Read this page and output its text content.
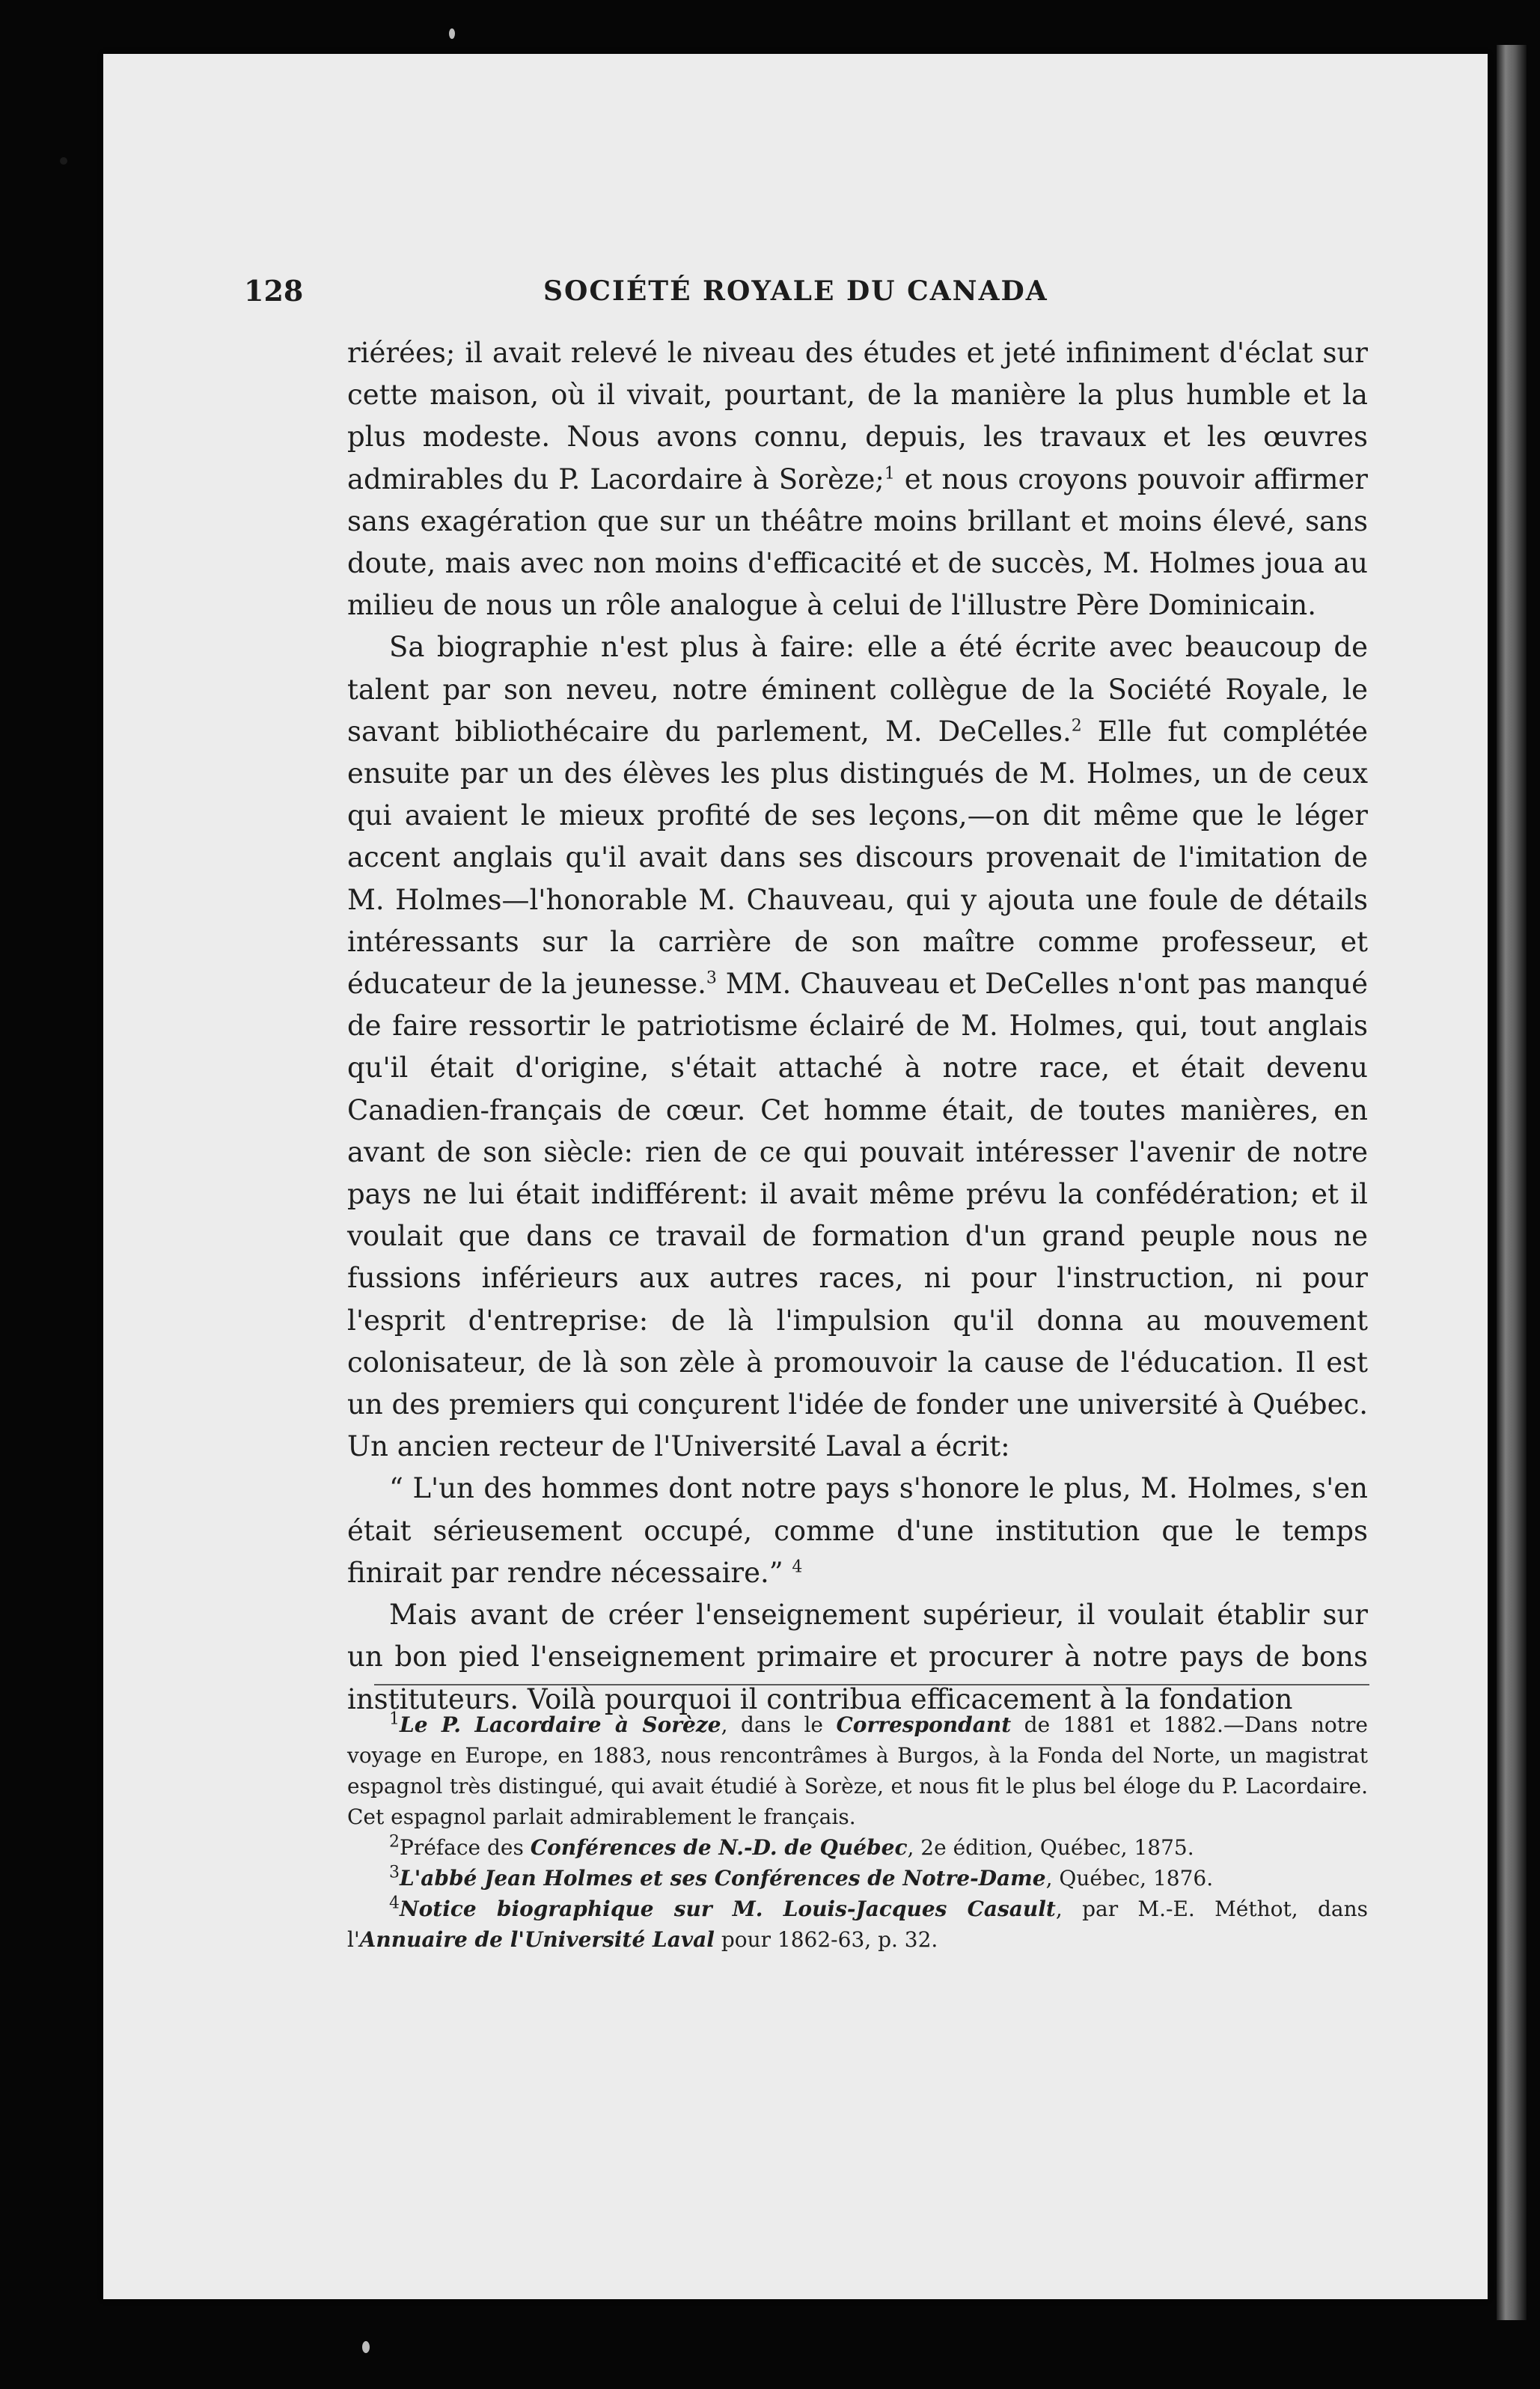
128	SOCIÉTÉ ROYALE DU CANADA

riérées; il avait relevé le niveau des études et jeté infiniment d'éclat sur cette maison, où il vivait, pourtant, de la manière la plus humble et la plus modeste. Nous avons connu, depuis, les travaux et les œuvres admirables du P. Lacordaire à Sorèze;$^1$ et nous croyons pouvoir affirmer sans exagération que sur un théâtre moins brillant et moins élevé, sans doute, mais avec non moins d'efficacité et de succès, M. Holmes joua au milieu de nous un rôle analogue à celui de l'illustre Père Dominicain.

Sa biographie n'est plus à faire: elle a été écrite avec beaucoup de talent par son neveu, notre éminent collègue de la Société Royale, le savant bibliothécaire du parlement, M. DeCelles.$^2$ Elle fut complétée ensuite par un des élèves les plus distingués de M. Holmes, un de ceux qui avaient le mieux profité de ses leçons,—on dit même que le léger accent anglais qu'il avait dans ses discours provenait de l'imitation de M. Holmes—l'honorable M. Chauveau, qui y ajouta une foule de détails intéressants sur la carrière de son maître comme professeur, et éducateur de la jeunesse.$^3$ MM. Chauveau et DeCelles n'ont pas manqué de faire ressortir le patriotisme éclairé de M. Holmes, qui, tout anglais qu'il était d'origine, s'était attaché à notre race, et était devenu Canadien-français de cœur. Cet homme était, de toutes manières, en avant de son siècle: rien de ce qui pouvait intéresser l'avenir de notre pays ne lui était indifférent: il avait même prévu la confédération; et il voulait que dans ce travail de formation d'un grand peuple nous ne fussions inférieurs aux autres races, ni pour l'instruction, ni pour l'esprit d'entreprise: de là l'impulsion qu'il donna au mouvement colonisateur, de là son zèle à promouvoir la cause de l'éducation. Il est un des premiers qui conçurent l'idée de fonder une université à Québec. Un ancien recteur de l'Université Laval a écrit:

“ L'un des hommes dont notre pays s'honore le plus, M. Holmes, s'en était sérieusement occupé, comme d'une institution que le temps finirait par rendre nécessaire.” $^4$

Mais avant de créer l'enseignement supérieur, il voulait établir sur un bon pied l'enseignement primaire et procurer à notre pays de bons instituteurs. Voilà pourquoi il contribua efficacement à la fondation

$^1$Le P. Lacordaire à Sorèze, dans le Correspondant de 1881 et 1882.—Dans notre voyage en Europe, en 1883, nous rencontrâmes à Burgos, à la Fonda del Norte, un magistrat espagnol très distingué, qui avait étudié à Sorèze, et nous fit le plus bel éloge du P. Lacordaire. Cet espagnol parlait admirablement le français.

$^2$Préface des Conférences de N.-D. de Québec, 2e édition, Québec, 1875.

$^3$L'abbé Jean Holmes et ses Conférences de Notre-Dame, Québec, 1876.

$^4$Notice biographique sur M. Louis-Jacques Casault, par M.-E. Méthot, dans l'Annuaire de l'Université Laval pour 1862-63, p. 32.
